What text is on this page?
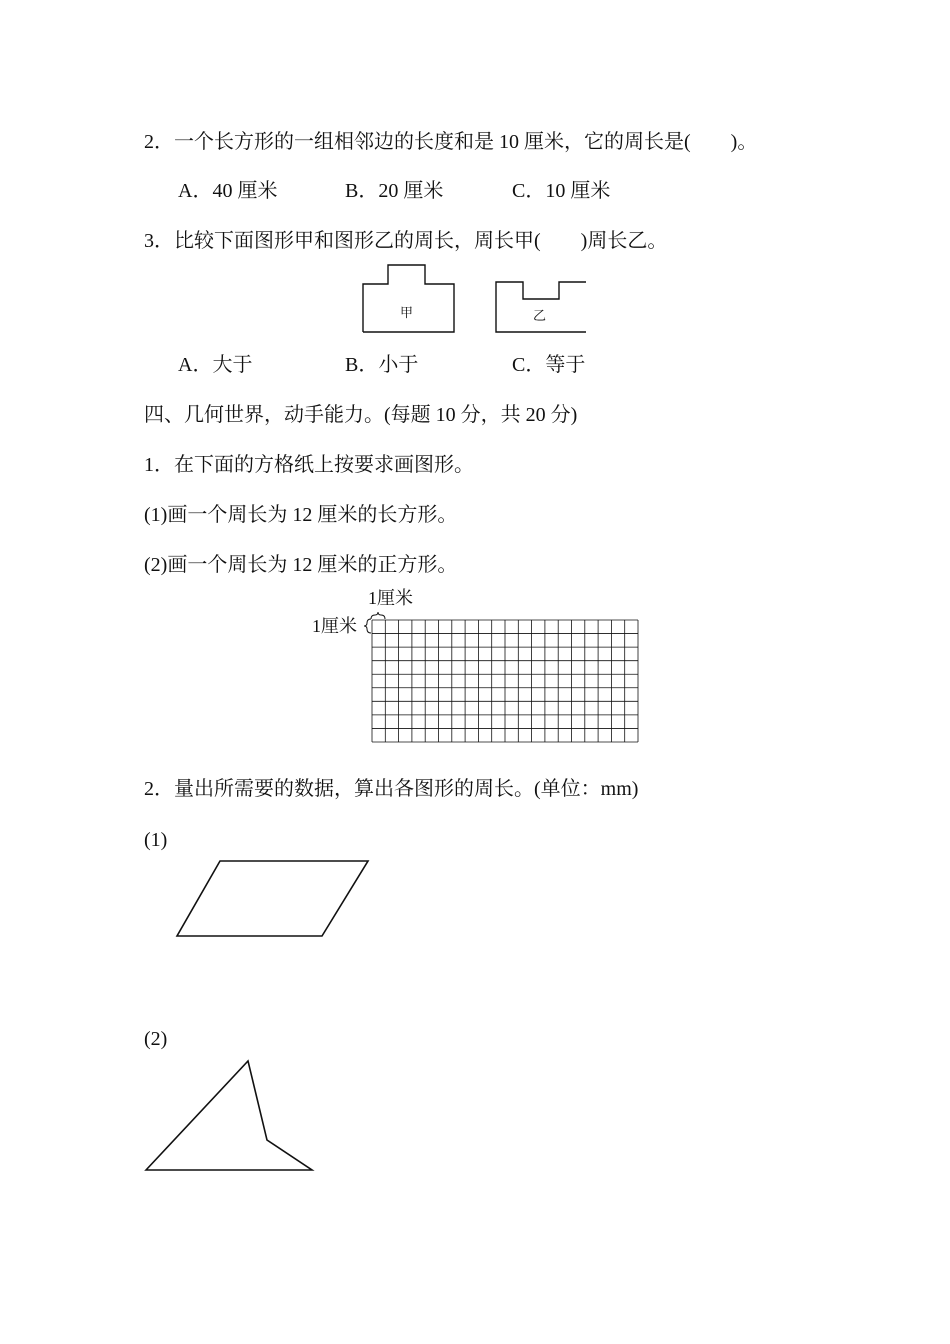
2．一个长方形的一组相邻边的长度和是 10 厘米，它的周长是(　　)。
A．40 厘米	B．20 厘米	C．10 厘米
3．比较下面图形甲和图形乙的周长，周长甲(　　)周长乙。
甲	乙
A．大于	B．小于	C．等于
四、几何世界，动手能力。(每题 10 分，共 20 分)
1．在下面的方格纸上按要求画图形。
(1)画一个周长为 12 厘米的长方形。
(2)画一个周长为 12 厘米的正方形。
1厘米
1厘米
2．量出所需要的数据，算出各图形的周长。(单位：mm)
(1)
(2)
